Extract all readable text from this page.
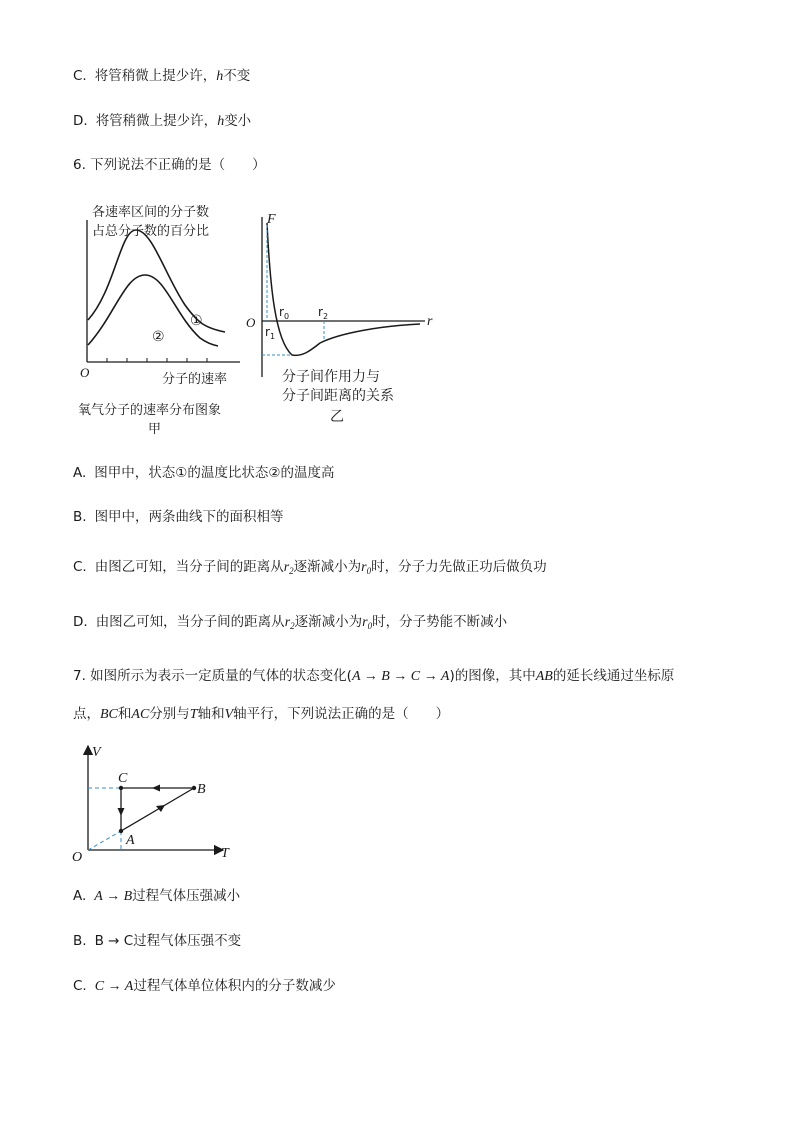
C. 将管稍微上提少许，h不变
D. 将管稍微上提少许，h变小
6. 下列说法不正确的是（　　）
各速率区间的分子数
占总分子数的百分比
①
②
O	分子的速率
氧气分子的速率分布图象
甲
F
r
O
$r_0$
$r_1$
$r_2$
分子间作用力与
分子间距离的关系
乙
A. 图甲中，状态①的温度比状态②的温度高
B. 图甲中，两条曲线下的面积相等
C. 由图乙可知，当分子间的距离从$r_2$逐渐减小为$r_0$时，分子力先做正功后做负功
D. 由图乙可知，当分子间的距离从$r_2$逐渐减小为$r_0$时，分子势能不断减小
7. 如图所示为表示一定质量的气体的状态变化(A → B → C → A)的图像，其中AB的延长线通过坐标原
点，BC和AC分别与T轴和V轴平行，下列说法正确的是（　　）
V
T
O
C
B
A
A. A → B过程气体压强减小
B. B → C过程气体压强不变
C. C → A过程气体单位体积内的分子数减少
